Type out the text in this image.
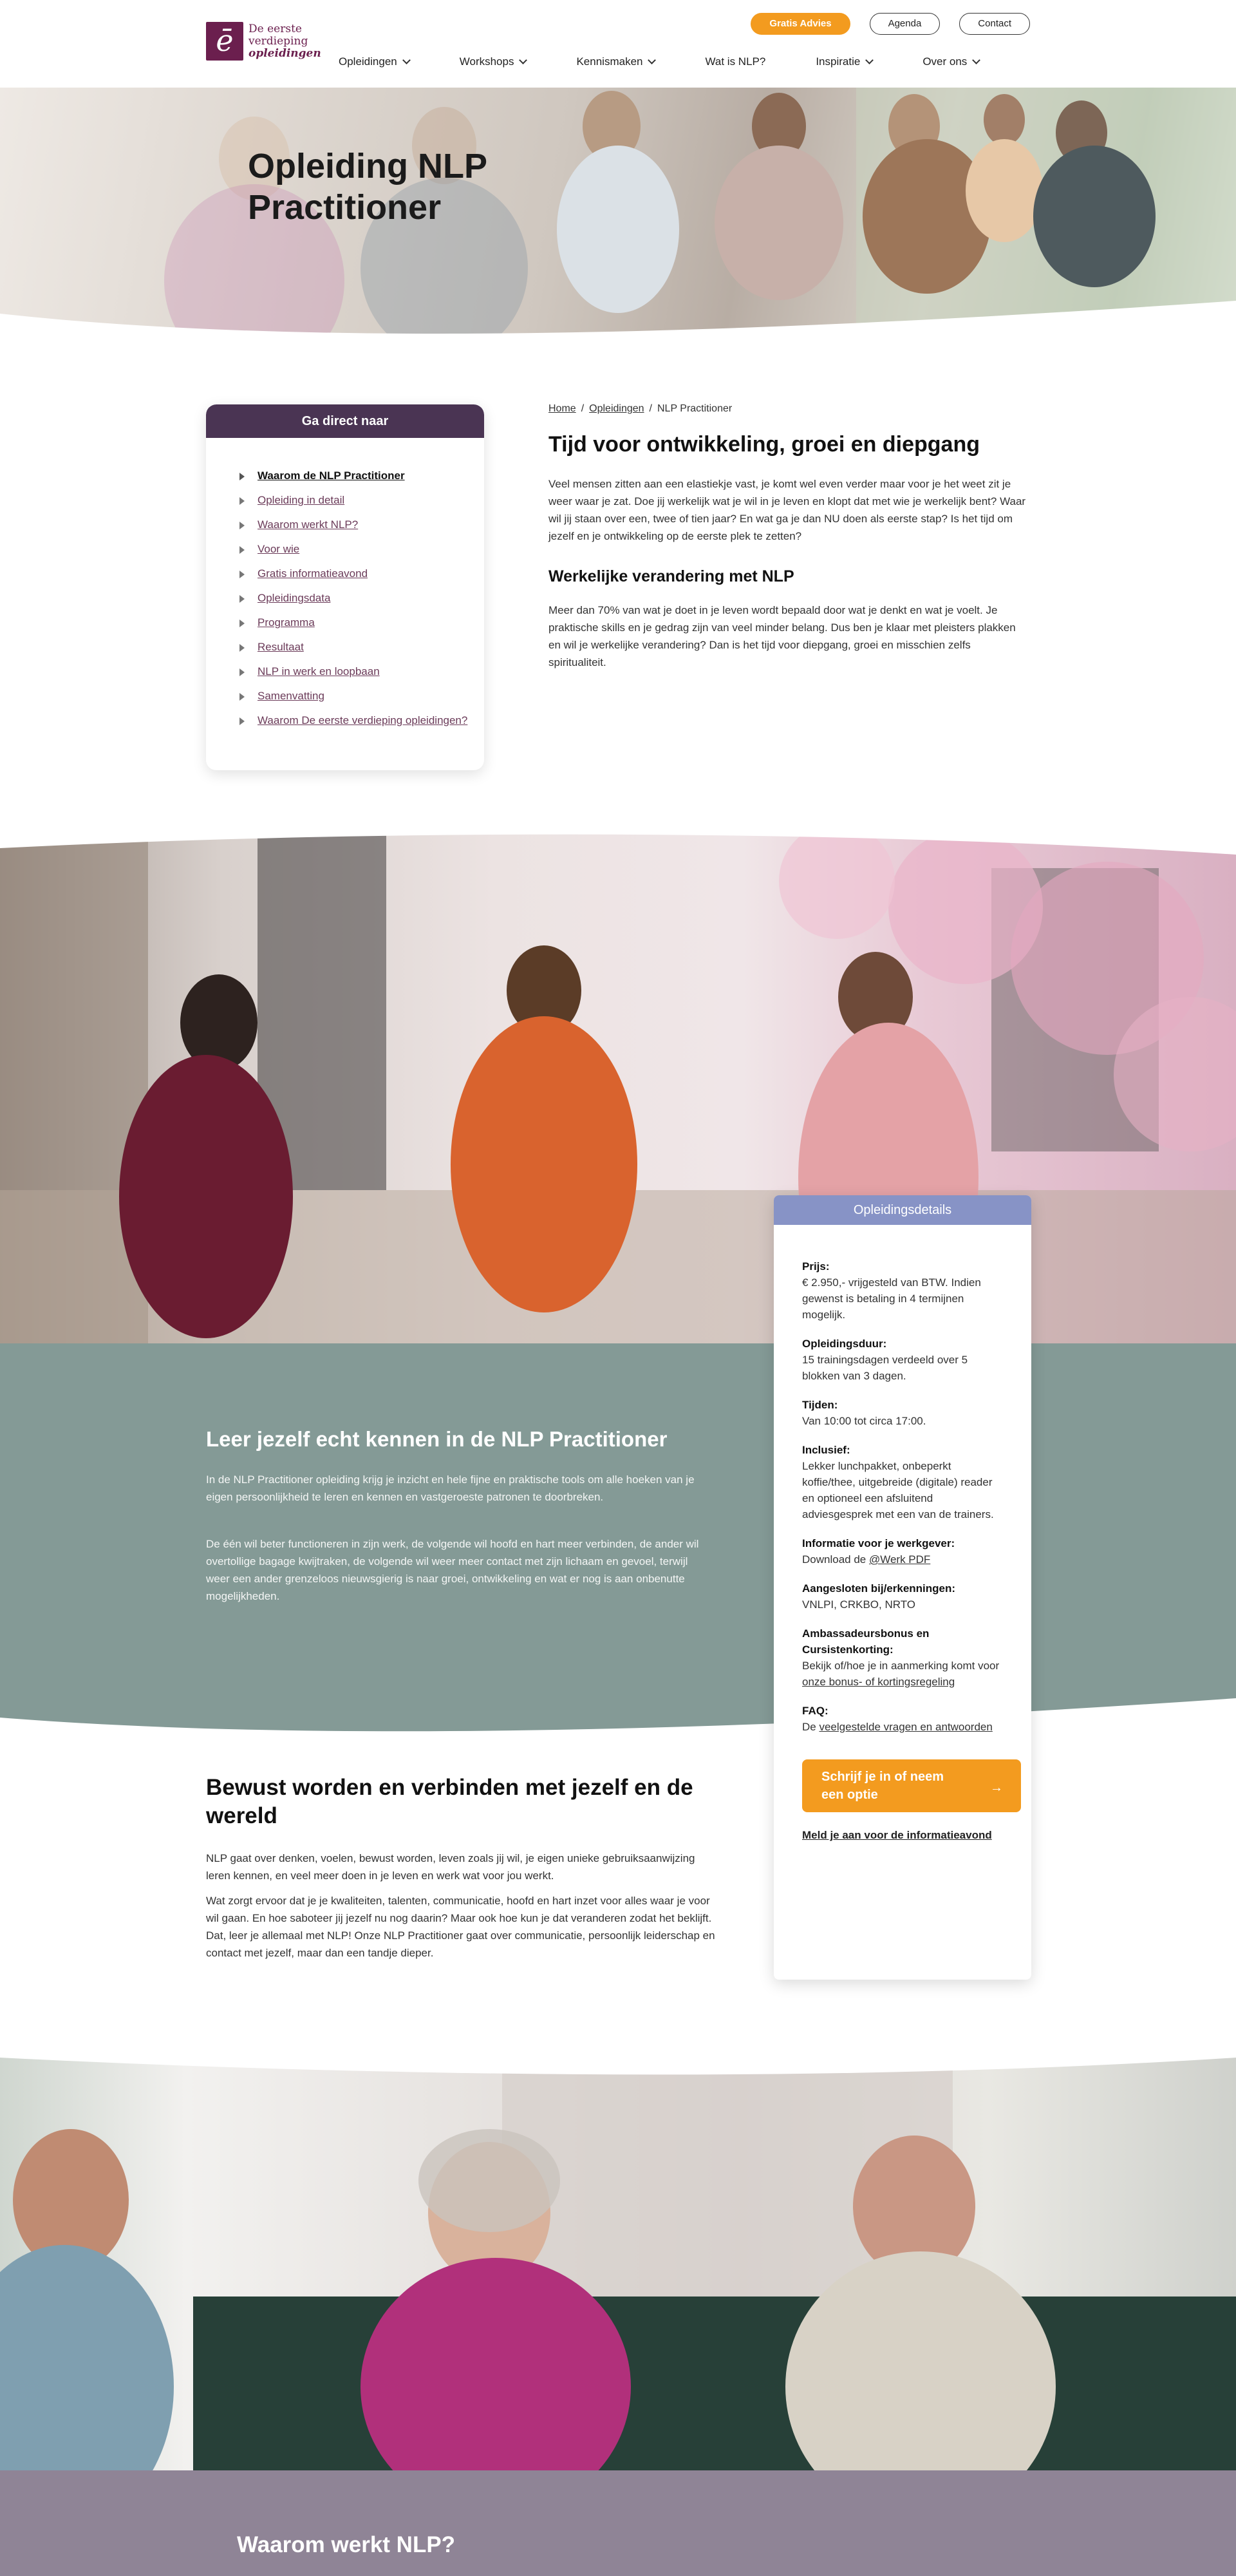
ē	De eerste
verdieping
opleidingen
Gratis Advies	Agenda	Contact
Opleidingen	Workshops	Kennismaken	Wat is NLP?	Inspiratie	Over ons
Opleiding NLP Practitioner
Ga direct naar
Waarom de NLP Practitioner
Opleiding in detail
Waarom werkt NLP?
Voor wie
Gratis informatieavond
Opleidingsdata
Programma
Resultaat
NLP in werk en loopbaan
Samenvatting
Waarom De eerste verdieping opleidingen?
Home / Opleidingen / NLP Practitioner
Tijd voor ontwikkeling, groei en diepgang

Veel mensen zitten aan een elastiekje vast, je komt wel even verder maar voor je het weet zit je weer waar je zat. Doe jij werkelijk wat je wil in je leven en klopt dat met wie je werkelijk bent? Waar wil jij staan over een, twee of tien jaar? En wat ga je dan NU doen als eerste stap? Is het tijd om jezelf en je ontwikkeling op de eerste plek te zetten?

Werkelijke verandering met NLP

Meer dan 70% van wat je doet in je leven wordt bepaald door wat je denkt en wat je voelt. Je praktische skills en je gedrag zijn van veel minder belang. Dus ben je klaar met pleisters plakken en wil je werkelijke verandering? Dan is het tijd voor diepgang, groei en misschien zelfs spiritualiteit.

Leer jezelf echt kennen in de NLP Practitioner

In de NLP Practitioner opleiding krijg je inzicht en hele fijne en praktische tools om alle hoeken van je eigen persoonlijkheid te leren en kennen en vastgeroeste patronen te doorbreken.

De één wil beter functioneren in zijn werk, de volgende wil hoofd en hart meer verbinden, de ander wil overtollige bagage kwijtraken, de volgende wil weer meer contact met zijn lichaam en gevoel, terwijl weer een ander grenzeloos nieuwsgierig is naar groei, ontwikkeling en wat er nog is aan onbenutte mogelijkheden.

Opleidingsdetails
Prijs:
€ 2.950,- vrijgesteld van BTW. Indien gewenst is betaling in 4 termijnen mogelijk.
Opleidingsduur:
15 trainingsdagen verdeeld over 5 blokken van 3 dagen.
Tijden:
Van 10:00 tot circa 17:00.
Inclusief:
Lekker lunchpakket, onbeperkt koffie/thee, uitgebreide (digitale) reader en optioneel een afsluitend adviesgesprek met een van de trainers.
Informatie voor je werkgever:
Download de @Werk PDF
Aangesloten bij/erkenningen:
VNLPI, CRKBO, NRTO
Ambassadeursbonus en Cursistenkorting:
Bekijk of/hoe je in aanmerking komt voor onze bonus- of kortingsregeling
FAQ:
De veelgestelde vragen en antwoorden
Schrijf je in of neem een optie	→
Meld je aan voor de informatieavond
Bewust worden en verbinden met jezelf en de wereld

NLP gaat over denken, voelen, bewust worden, leven zoals jij wil, je eigen unieke gebruiksaanwijzing leren kennen, en veel meer doen in je leven en werk wat voor jou werkt.

Wat zorgt ervoor dat je je kwaliteiten, talenten, communicatie, hoofd en hart inzet voor alles waar je voor wil gaan. En hoe saboteer jij jezelf nu nog daarin? Maar ook hoe kun je dat veranderen zodat het beklijft. Dat, leer je allemaal met NLP! Onze NLP Practitioner gaat over communicatie, persoonlijk leiderschap en contact met jezelf, maar dan een tandje dieper.

Waarom werkt NLP?
